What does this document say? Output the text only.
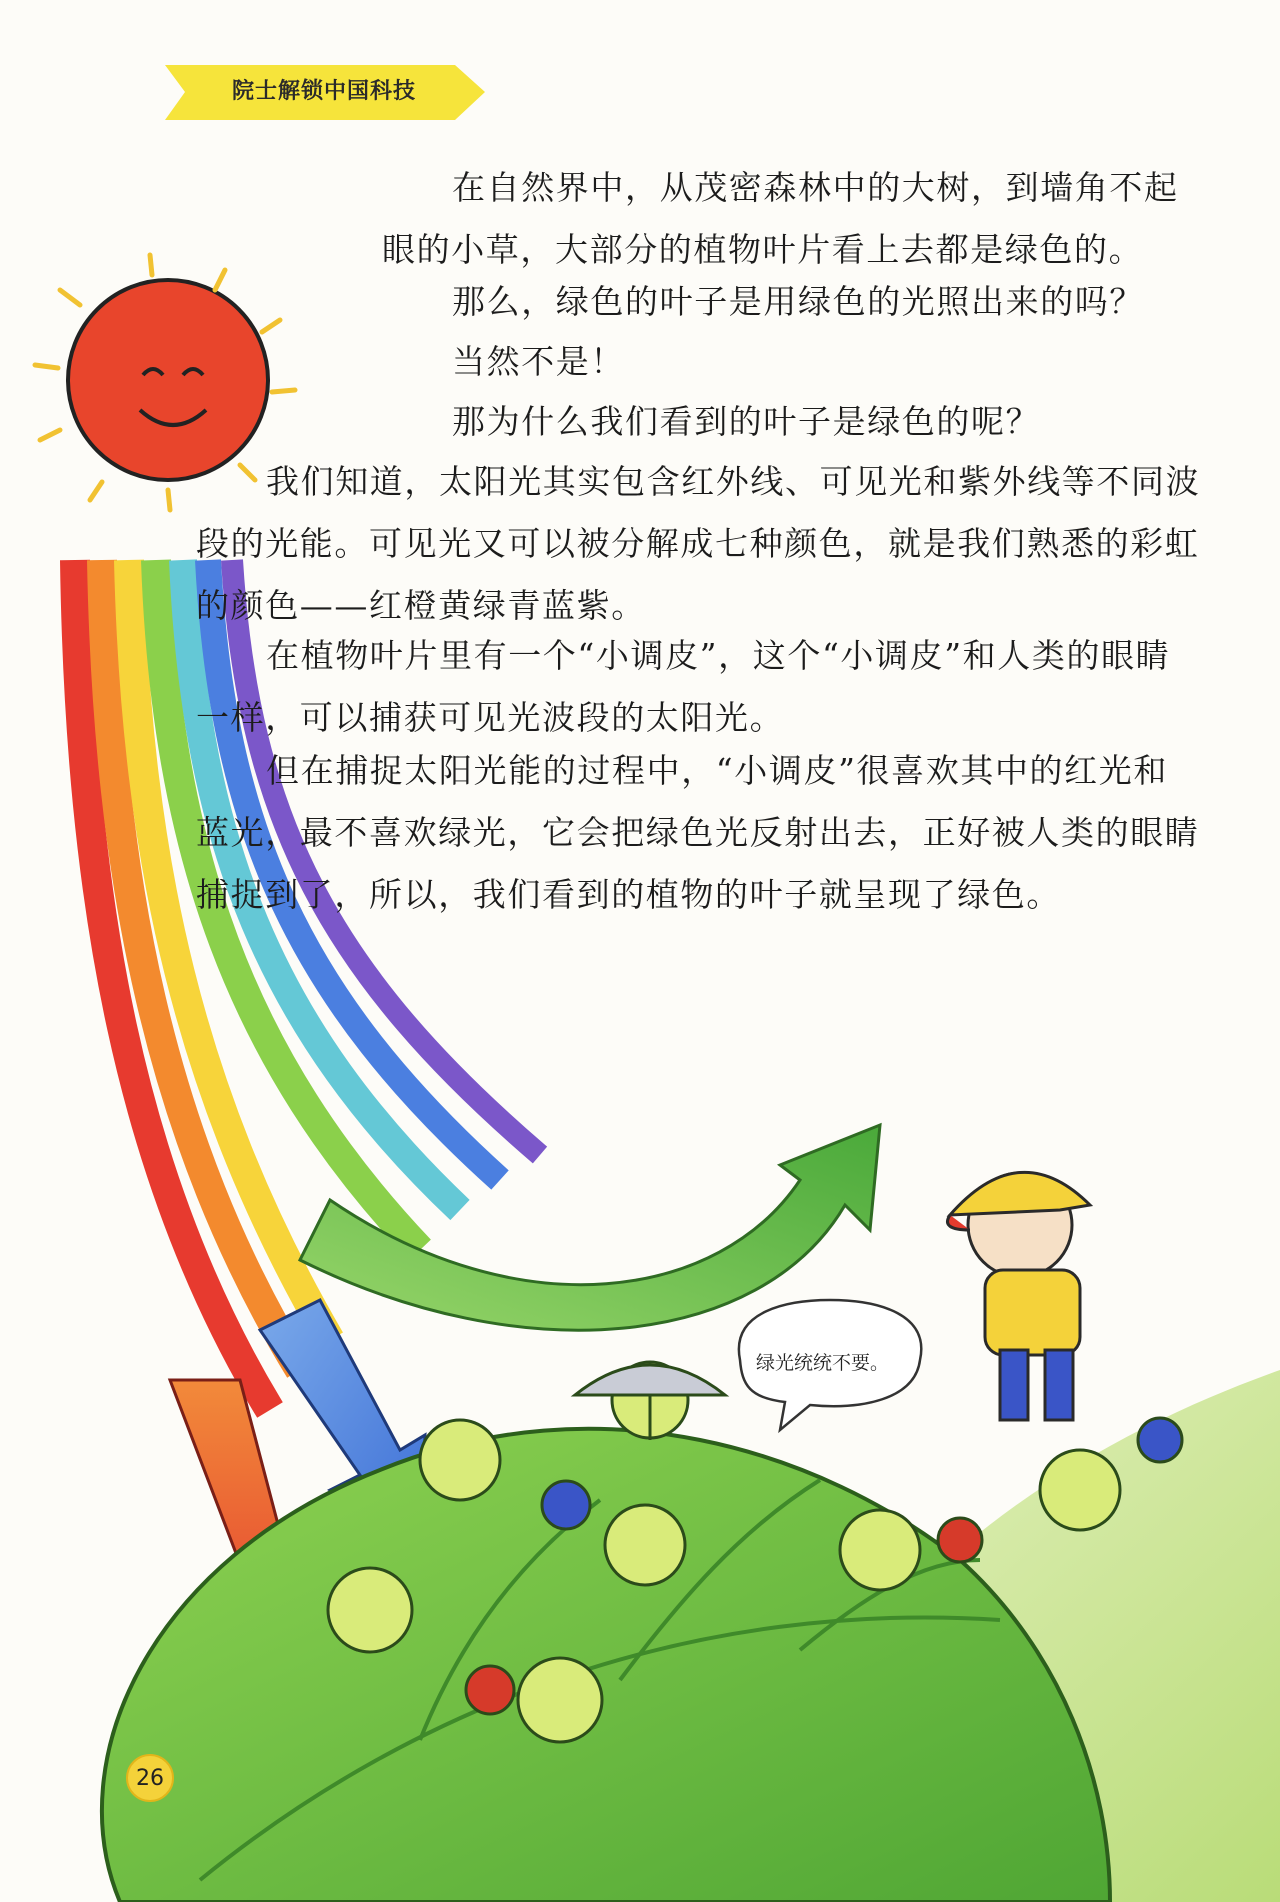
院士解锁中国科技
在自然界中，从茂密森林中的大树，到墙角不起
眼的小草，大部分的植物叶片看上去都是绿色的。
那么，绿色的叶子是用绿色的光照出来的吗？
当然不是！
那为什么我们看到的叶子是绿色的呢？
我们知道，太阳光其实包含红外线、可见光和紫外线等不同波
段的光能。可见光又可以被分解成七种颜色，就是我们熟悉的彩虹
的颜色——红橙黄绿青蓝紫。
在植物叶片里有一个“小调皮”，这个“小调皮”和人类的眼睛
一样，可以捕获可见光波段的太阳光。
但在捕捉太阳光能的过程中，“小调皮”很喜欢其中的红光和
蓝光，最不喜欢绿光，它会把绿色光反射出去，正好被人类的眼睛
捕捉到了，所以，我们看到的植物的叶子就呈现了绿色。
绿光统统不要。
26
